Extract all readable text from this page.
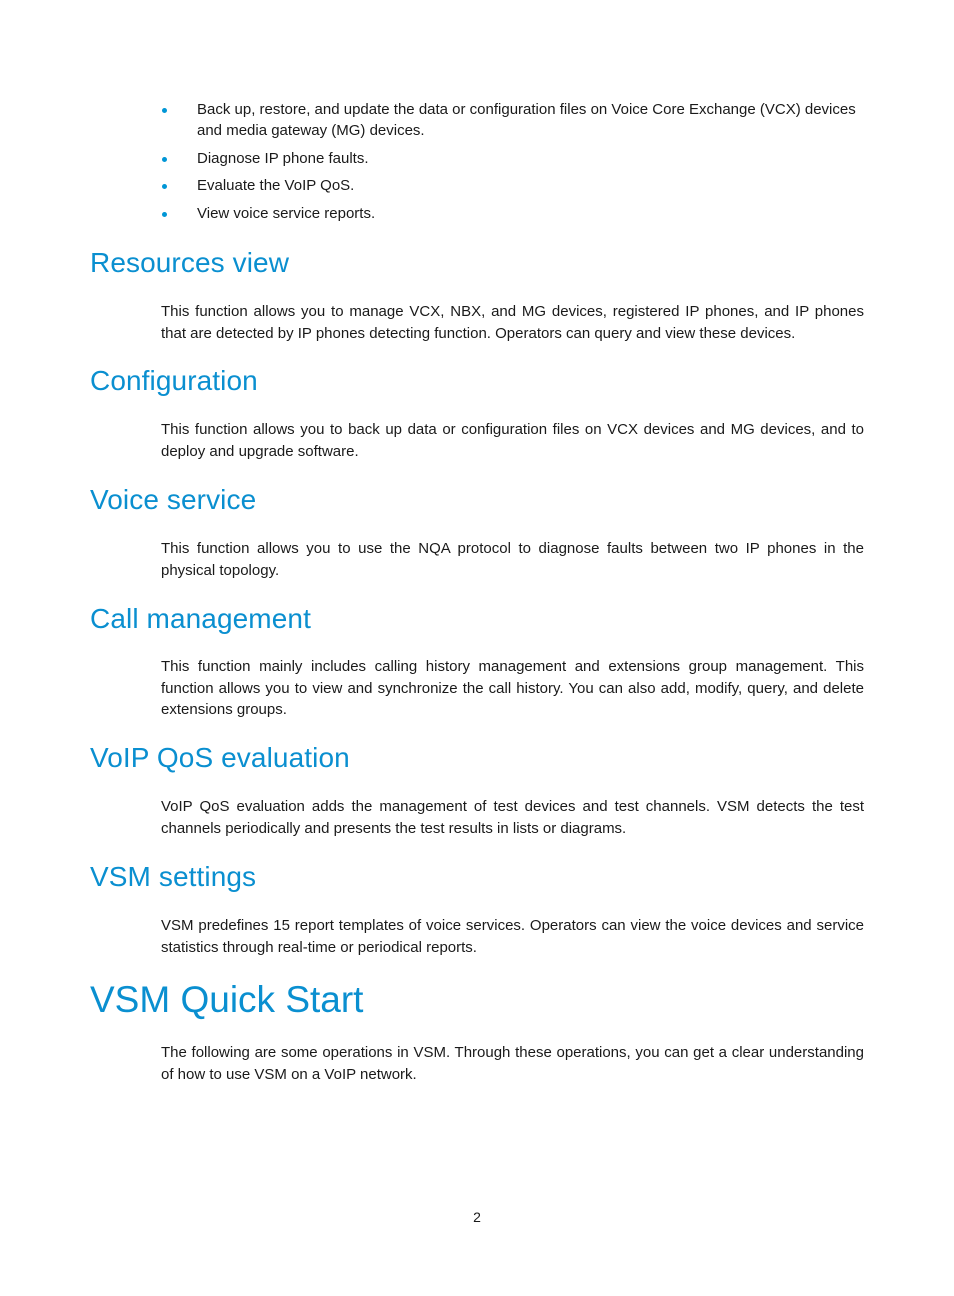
Back up, restore, and update the data or configuration files on Voice Core Exchange (VCX) devices and media gateway (MG) devices.
Diagnose IP phone faults.
Evaluate the VoIP QoS.
View voice service reports.
Resources view

This function allows you to manage VCX, NBX, and MG devices, registered IP phones, and IP phones that are detected by IP phones detecting function. Operators can query and view these devices.

Configuration

This function allows you to back up data or configuration files on VCX devices and MG devices, and to deploy and upgrade software.

Voice service

This function allows you to use the NQA protocol to diagnose faults between two IP phones in the physical topology.

Call management

This function mainly includes calling history management and extensions group management. This function allows you to view and synchronize the call history. You can also add, modify, query, and delete extensions groups.

VoIP QoS evaluation

VoIP QoS evaluation adds the management of test devices and test channels. VSM detects the test channels periodically and presents the test results in lists or diagrams.

VSM settings

VSM predefines 15 report templates of voice services. Operators can view the voice devices and service statistics through real-time or periodical reports.

VSM Quick Start

The following are some operations in VSM. Through these operations, you can get a clear understanding of how to use VSM on a VoIP network.

2
